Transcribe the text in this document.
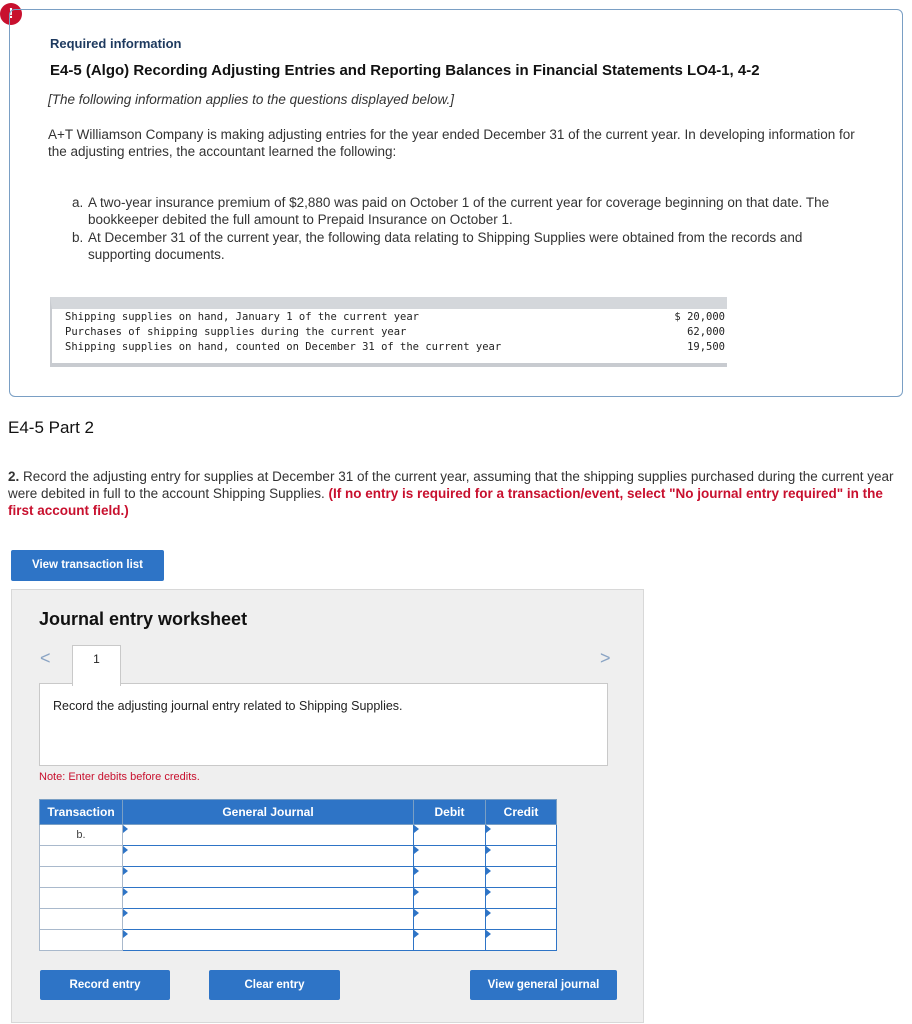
!
Required information
E4-5 (Algo) Recording Adjusting Entries and Reporting Balances in Financial Statements LO4-1, 4-2
[The following information applies to the questions displayed below.]
A+T Williamson Company is making adjusting entries for the year ended December 31 of the current year. In developing information for the adjusting entries, the accountant learned the following:
a. A two-year insurance premium of $2,880 was paid on October 1 of the current year for coverage beginning on that date. The bookkeeper debited the full amount to Prepaid Insurance on October 1.
b. At December 31 of the current year, the following data relating to Shipping Supplies were obtained from the records and supporting documents.
Shipping supplies on hand, January 1 of the current year	$ 20,000
Purchases of shipping supplies during the current year	62,000
Shipping supplies on hand, counted on December 31 of the current year	19,500
E4-5 Part 2
2. Record the adjusting entry for supplies at December 31 of the current year, assuming that the shipping supplies purchased during the current year were debited in full to the account Shipping Supplies. (If no entry is required for a transaction/event, select "No journal entry required" in the first account field.)
View transaction list
Journal entry worksheet
<	1	>
Record the adjusting journal entry related to Shipping Supplies.
Note: Enter debits before credits.
Transaction	General Journal	Debit	Credit
b.	

Record entry	Clear entry	View general journal
